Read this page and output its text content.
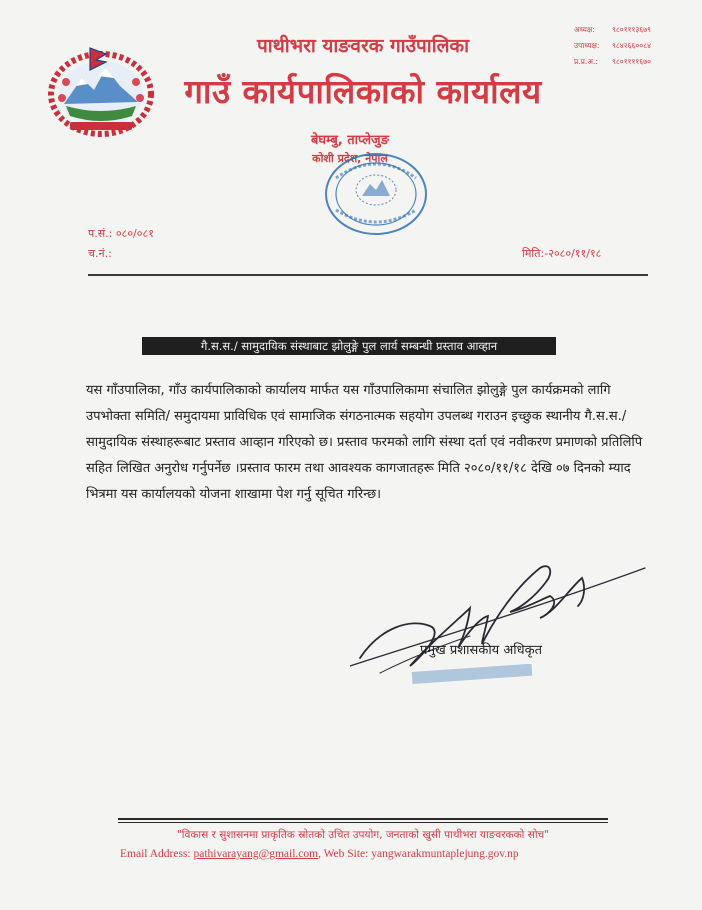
पाथीभरा याङवरक गाउँपालिका
गाउँ कार्यपालिकाको कार्यालय
बेघम्बु, ताप्लेजुङ
कोशी प्रदेश, नेपाल
अध्यक्ष: ९८०१११३६७९
उपाध्यक्ष: ९८४२६६००८४
प्र.प्र.अ.: ९८०११११६७०
प.सं.: ०८०/०८१
च.नं.:	मिति:-२०८०/११/१८
गै.स.स./ सामुदायिक संस्थाबाट झोलुङ्गे पुल लार्य सम्बन्धी प्रस्ताव आव्हान

यस गाँउपालिका, गाँउ कार्यपालिकाको कार्यालय मार्फत यस गाँउपालिकामा संचालित झोलुङ्गे पुल कार्यक्रमको लागि उपभोक्ता समिति/ समुदायमा प्राविधिक एवं सामाजिक संगठनात्मक सहयोग उपलब्ध गराउन इच्छुक स्थानीय गै.स.स./सामुदायिक संस्थाहरूबाट प्रस्ताव आव्हान गरिएको छ। प्रस्ताव फरमको लागि संस्था दर्ता एवं नवीकरण प्रमाणको प्रतिलिपि सहित लिखित अनुरोध गर्नुपर्नेछ ।प्रस्ताव फारम तथा आवश्यक कागजातहरू मिति २०८०/११/१८ देखि ०७ दिनको म्याद भित्रमा यस कार्यालयको योजना शाखामा पेश गर्नु सूचित गरिन्छ।

प्रमुख प्रशासकीय अधिकृत
"विकास र सुशासनमा प्राकृतिक स्रोतको उचित उपयोग, जनताको खुसी पाथीभरा याङवरकको सोच"
Email Address: pathivarayang@gmail.com, Web Site: yangwarakmuntaplejung.gov.np
